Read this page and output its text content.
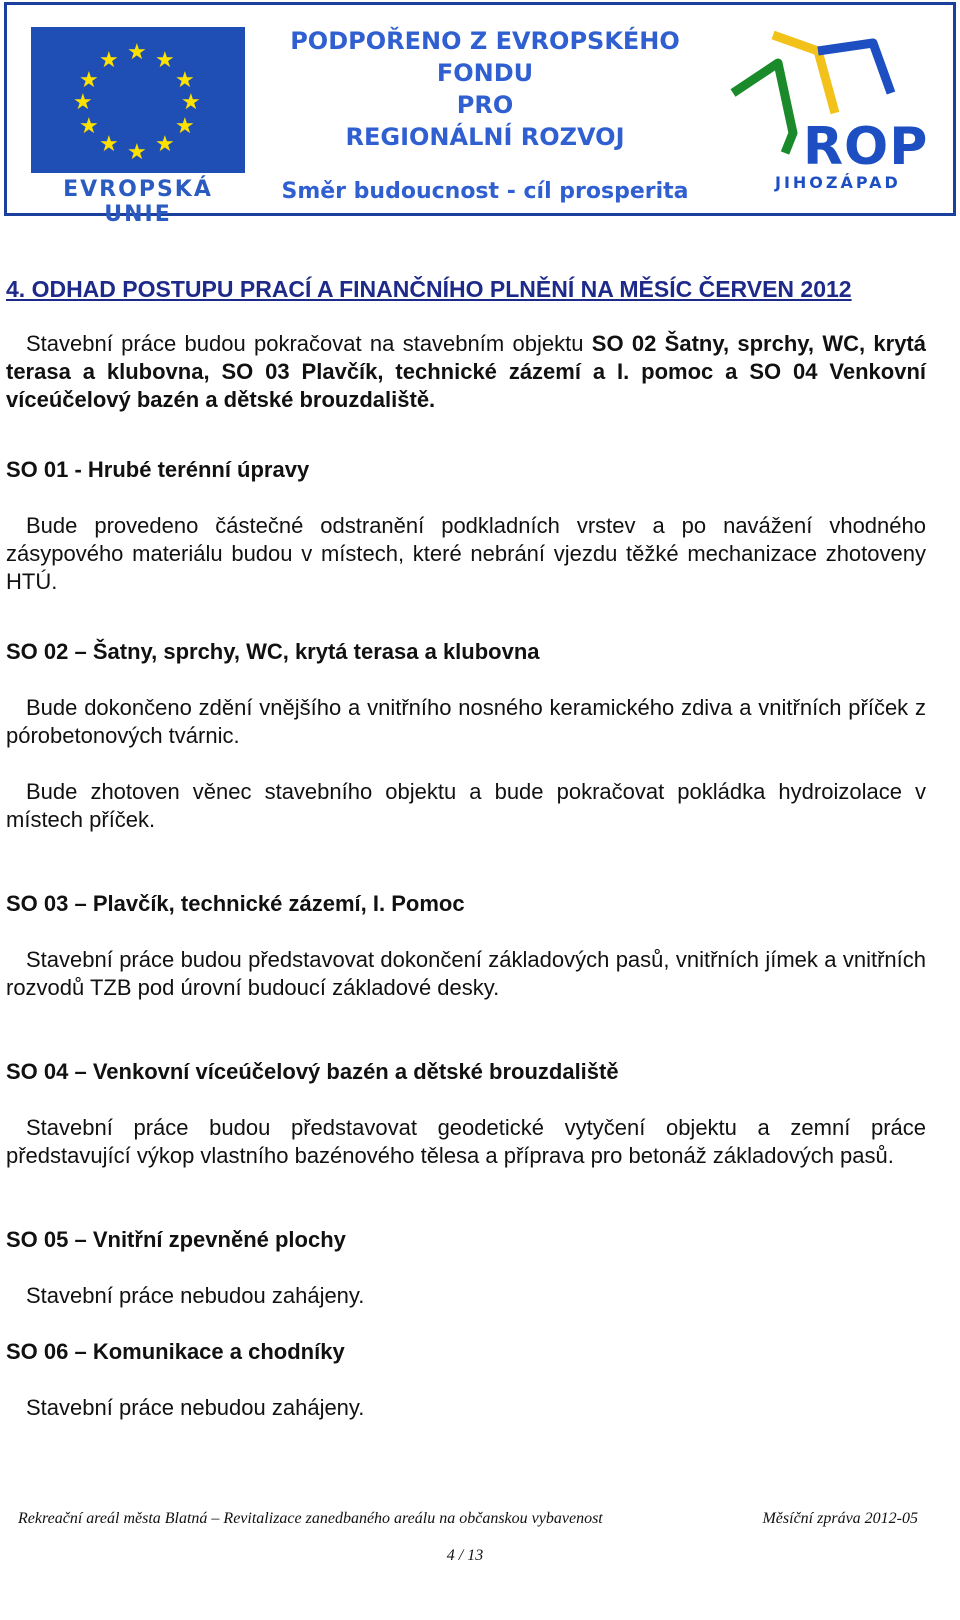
★ ★
★
★
★
★
★
★
★
★
★
★
EVROPSKÁ UNIE
PODPOŘENO Z EVROPSKÉHO FONDU
PRO
REGIONÁLNÍ ROZVOJ
Směr budoucnost - cíl prosperita
ROP
JIHOZÁPAD
4. ODHAD POSTUPU PRACÍ A FINANČNÍHO PLNĚNÍ NA MĚSÍC ČERVEN 2012

Stavební práce budou pokračovat na stavebním objektu SO 02 Šatny, sprchy, WC, krytá terasa a klubovna, SO 03 Plavčík, technické zázemí a I. pomoc a SO 04 Venkovní víceúčelový bazén a dětské brouzdaliště.

SO 01 - Hrubé terénní úpravy

Bude provedeno částečné odstranění podkladních vrstev a po navážení vhodného zásypového materiálu budou v místech, které nebrání vjezdu těžké mechanizace zhotoveny HTÚ.

SO 02 – Šatny, sprchy, WC, krytá terasa a klubovna

Bude dokončeno zdění vnějšího a vnitřního nosného keramického zdiva a vnitřních příček z pórobetonových tvárnic.

Bude zhotoven věnec stavebního objektu a bude pokračovat pokládka hydroizolace v místech příček.

SO 03 – Plavčík, technické zázemí, I. Pomoc

Stavební práce budou představovat dokončení základových pasů, vnitřních jímek a vnitřních rozvodů TZB pod úrovní budoucí základové desky.

SO 04 – Venkovní víceúčelový bazén a dětské brouzdaliště

Stavební práce budou představovat geodetické vytyčení objektu a zemní práce představující výkop vlastního bazénového tělesa a příprava pro betonáž základových pasů.

SO 05 – Vnitřní zpevněné plochy

Stavební práce nebudou zahájeny.

SO 06 – Komunikace a chodníky

Stavební práce nebudou zahájeny.

Rekreační areál města Blatná – Revitalizace zanedbaného areálu na občanskou vybavenost	Měsíční zpráva 2012-05
4 / 13
